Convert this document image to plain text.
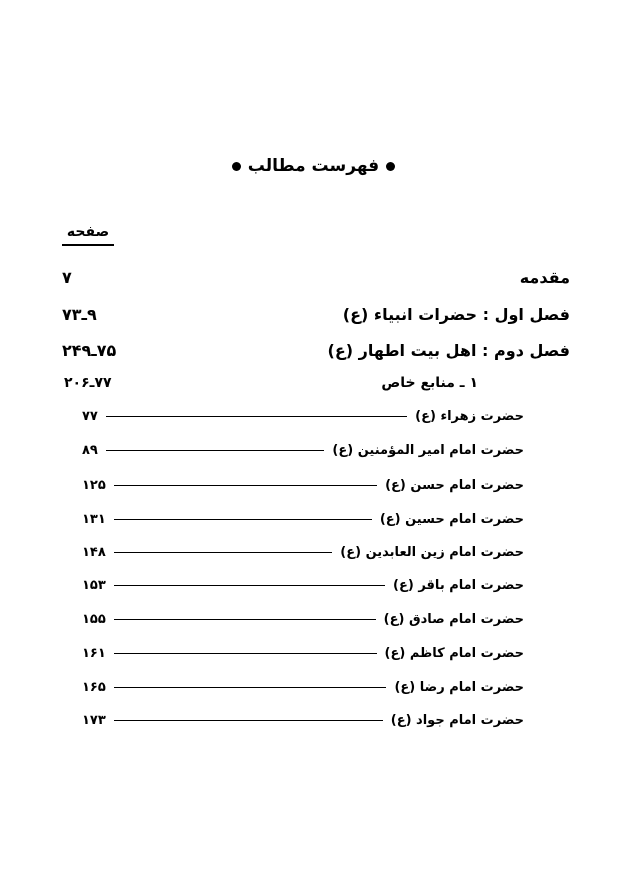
فهرست مطالب
صفحه
مقدمه
۷
فصل اول : حضرات انبیاء (ع)
۹ـ۷۳
فصل دوم : اهل بیت اطهار (ع)
۷۵ـ۲۴۹
۱ ـ منابع خاص
۷۷ـ۲۰۶
حضرت زهراء (ع)
۷۷
حضرت امام امیر المؤمنین (ع)
۸۹
حضرت امام حسن (ع)
۱۲۵
حضرت امام حسین (ع)
۱۳۱
حضرت امام زین العابدین (ع)
۱۴۸
حضرت امام باقر (ع)
۱۵۳
حضرت امام صادق (ع)
۱۵۵
حضرت امام کاظم (ع)
۱۶۱
حضرت امام رضا (ع)
۱۶۵
حضرت امام جواد (ع)
۱۷۳
